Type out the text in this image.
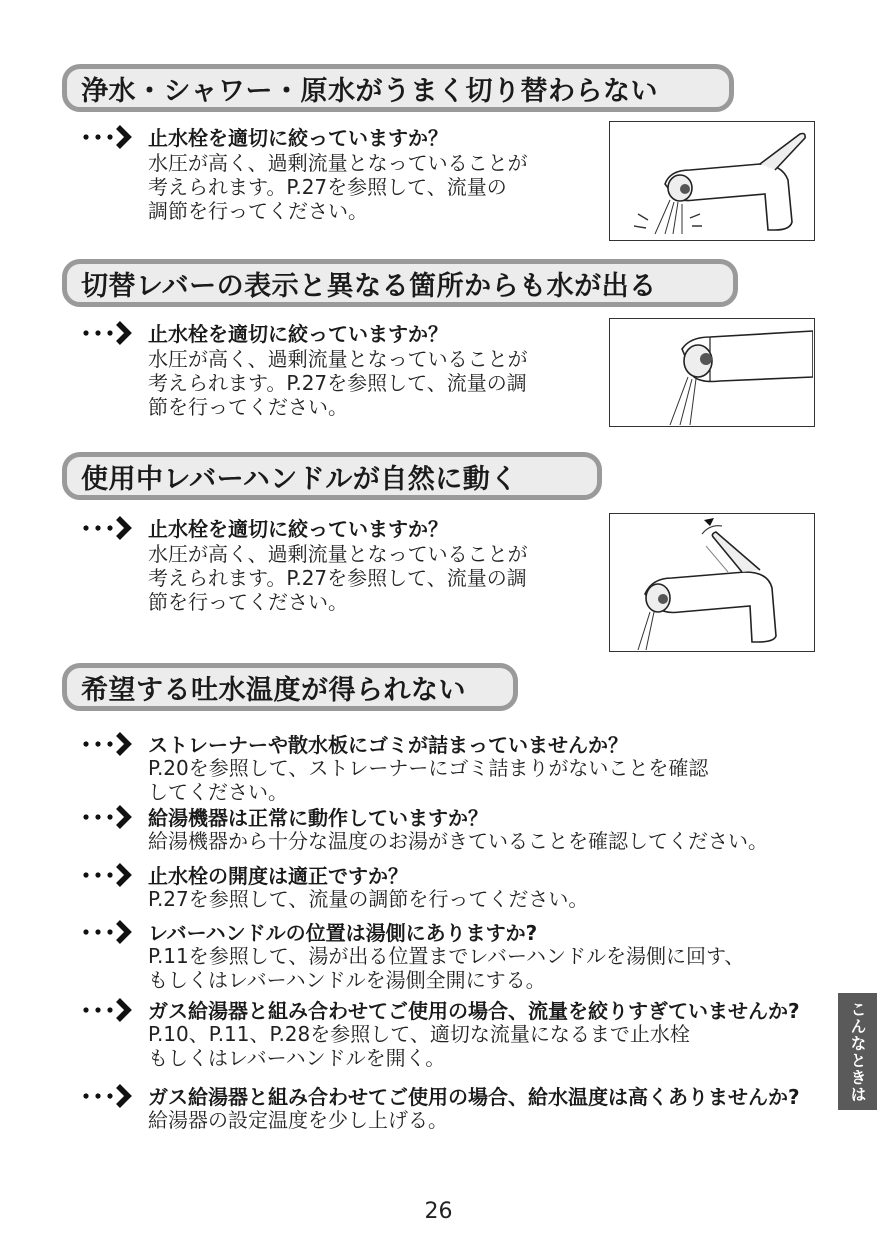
浄水・シャワー・原水がうまく切り替わらない
止水栓を適切に絞っていますか？
水圧が高く、過剰流量となっていることが
考えられます。P.27を参照して、流量の
調節を行ってください。
切替レバーの表示と異なる箇所からも水が出る
止水栓を適切に絞っていますか？
水圧が高く、過剰流量となっていることが
考えられます。P.27を参照して、流量の調
節を行ってください。
使用中レバーハンドルが自然に動く
止水栓を適切に絞っていますか？
水圧が高く、過剰流量となっていることが
考えられます。P.27を参照して、流量の調
節を行ってください。
希望する吐水温度が得られない
ストレーナーや散水板にゴミが詰まっていませんか？
P.20を参照して、ストレーナーにゴミ詰まりがないことを確認
してください。
給湯機器は正常に動作していますか？
給湯機器から十分な温度のお湯がきていることを確認してください。
止水栓の開度は適正ですか？
P.27を参照して、流量の調節を行ってください。
レバーハンドルの位置は湯側にありますか?
P.11を参照して、湯が出る位置までレバーハンドルを湯側に回す、
もしくはレバーハンドルを湯側全開にする。
ガス給湯器と組み合わせてご使用の場合、流量を絞りすぎていませんか?
P.10、P.11、P.28を参照して、適切な流量になるまで止水栓
もしくはレバーハンドルを開く。
ガス給湯器と組み合わせてご使用の場合、給水温度は高くありませんか?
給湯器の設定温度を少し上げる。
こんなときは
26
